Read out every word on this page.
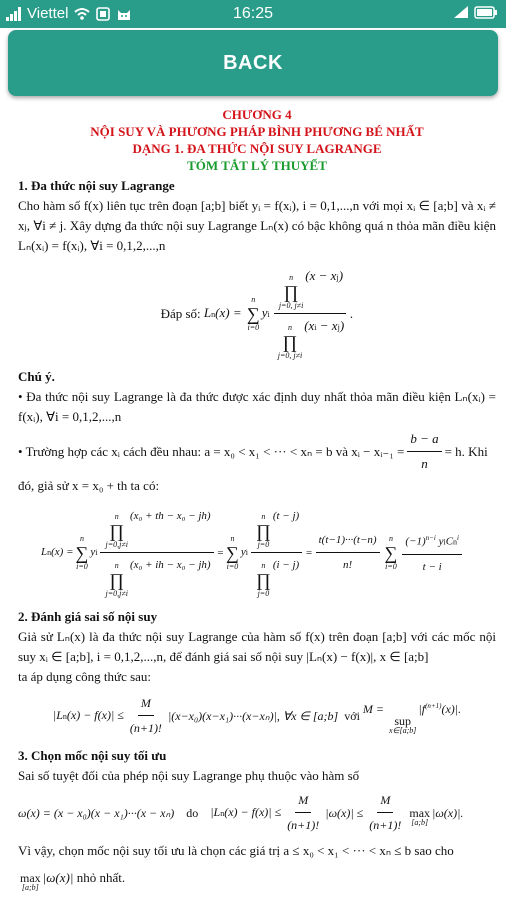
Viettel	16:25
BACK
CHƯƠNG 4
NỘI SUY VÀ PHƯƠNG PHÁP BÌNH PHƯƠNG BÉ NHẤT
DẠNG 1. ĐA THỨC NỘI SUY LAGRANGE
TÓM TẮT LÝ THUYẾT
1. Đa thức nội suy Lagrange
Cho hàm số f(x) liên tục trên đoạn [a;b] biết yᵢ = f(xᵢ), i = 0,1,...,n với mọi xᵢ ∈ [a;b] và xᵢ ≠ xⱼ, ∀i ≠ j. Xây dựng đa thức nội suy Lagrange Lₙ(x) có bậc không quá n thỏa mãn điều kiện Lₙ(xᵢ) = f(xᵢ), ∀i = 0,1,2,...,n
Đáp số: Ln(x) =
n
∑
i=0
yi n
∏
j=0, j≠i
(x − xj)
n
∏
j=0, j≠i
(xi − xj) .
Chú ý.
• Đa thức nội suy Lagrange là đa thức được xác định duy nhất thỏa mãn điều kiện Lₙ(xᵢ) = f(xᵢ), ∀i = 0,1,2,...,n
• Trường hợp các xᵢ cách đều nhau: a = x₀ < x₁ < ··· < xₙ = b và xᵢ − xᵢ₋₁ = $\frac{b - a}{n} = h$. Khi
đó, giả sử x = x₀ + th ta có:
Ln(x) =
n
∑
i=0
yi n
∏
j=0,j≠i
(x₀ + th − x₀ − jh)
n
∏
j=0,j≠i
(x₀ + ih − x₀ − jh) =
n
∑
i=0
yi n
∏
j=0
(t − j)
n
∏
j=0
$(i - j) = \frac{t(t-1)\cdot\cdot\cdot(t-n)}{n!}$ n
∑
$i=0 \frac{(-1)^{n-i} yiCn^i}{t - i}$
2. Đánh giá sai số nội suy
Giả sử Lₙ(x) là đa thức nội suy Lagrange của hàm số f(x) trên đoạn [a;b] với các mốc nội suy xᵢ ∈ [a;b], i = 0,1,2,...,n, để đánh giá sai số nội suy |Lₙ(x) − f(x)|, x ∈ [a;b]
ta áp dụng công thức sau:
$|Ln(x) - f(x)| \le \frac{M}{(n+1)!} |(x-x_0)(x-x_1)\cdot\cdot\cdot(x-x_n)|$, ∀x ∈ [a;b] với M =

sup
x∈[a;b]
$|f^{(n+1)}(x)|$.
3. Chọn mốc nội suy tối ưu
Sai số tuyệt đối của phép nội suy Lagrange phụ thuộc vào hàm số
ω(x) = (x − x₀)(x − x₁)···(x − xₙ) do $|Ln(x) - f(x)| \le \frac{M}{(n+1)!} |\omega(x)| \le \frac{M}{(n+1)!}$
max
[a;b]
|ω(x)|.
Vì vậy, chọn mốc nội suy tối ưu là chọn các giá trị a ≤ x₀ < x₁ < ··· < xₙ ≤ b sao cho

max
[a;b]
|ω(x)| nhỏ nhất.
